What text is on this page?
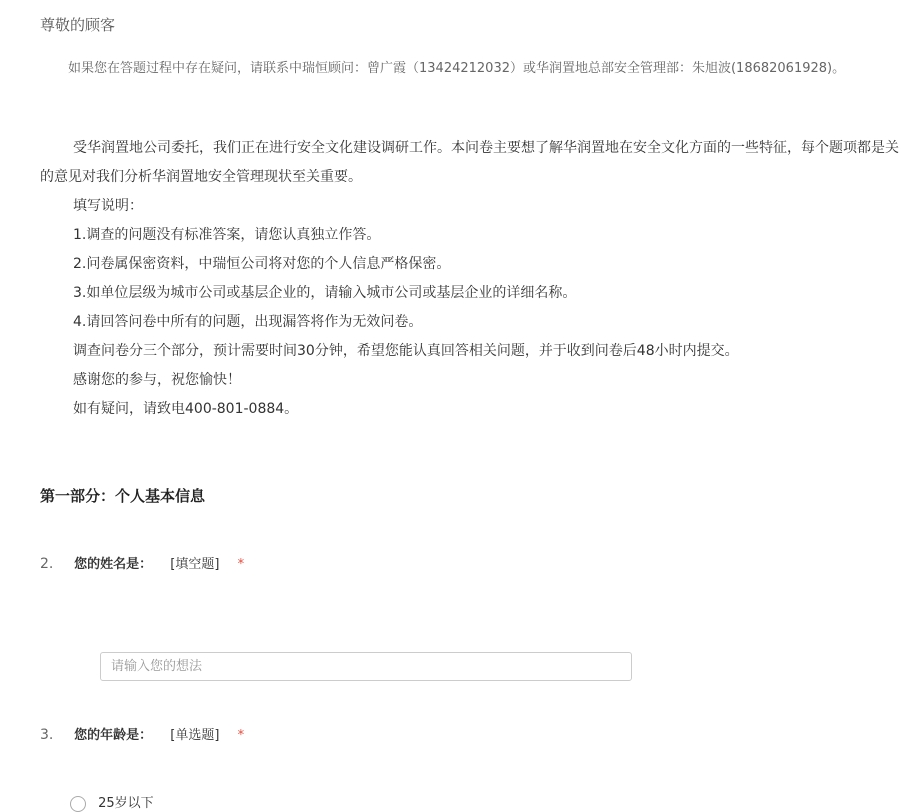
尊敬的顾客
如果您在答题过程中存在疑问，请联系中瑞恒顾问：曾广霞（13424212032）或华润置地总部安全管理部：朱旭波(18682061928)。

受华润置地公司委托，我们正在进行安全文化建设调研工作。本问卷主要想了解华润置地在安全文化方面的一些特征，每个题项都是关的意见对我们分析华润置地安全管理现状至关重要。

填写说明：

1.调查的问题没有标准答案，请您认真独立作答。

2.问卷属保密资料，中瑞恒公司将对您的个人信息严格保密。

3.如单位层级为城市公司或基层企业的，请输入城市公司或基层企业的详细名称。

4.请回答问卷中所有的问题，出现漏答将作为无效问卷。

调查问卷分三个部分，预计需要时间30分钟，希望您能认真回答相关问题，并于收到问卷后48小时内提交。

感谢您的参与，祝您愉快！

如有疑问，请致电400-801-0884。

第一部分：个人基本信息
2. 您的姓名是： [填空题] *
请输入您的想法
3. 您的年龄是： [单选题] *
25岁以下
